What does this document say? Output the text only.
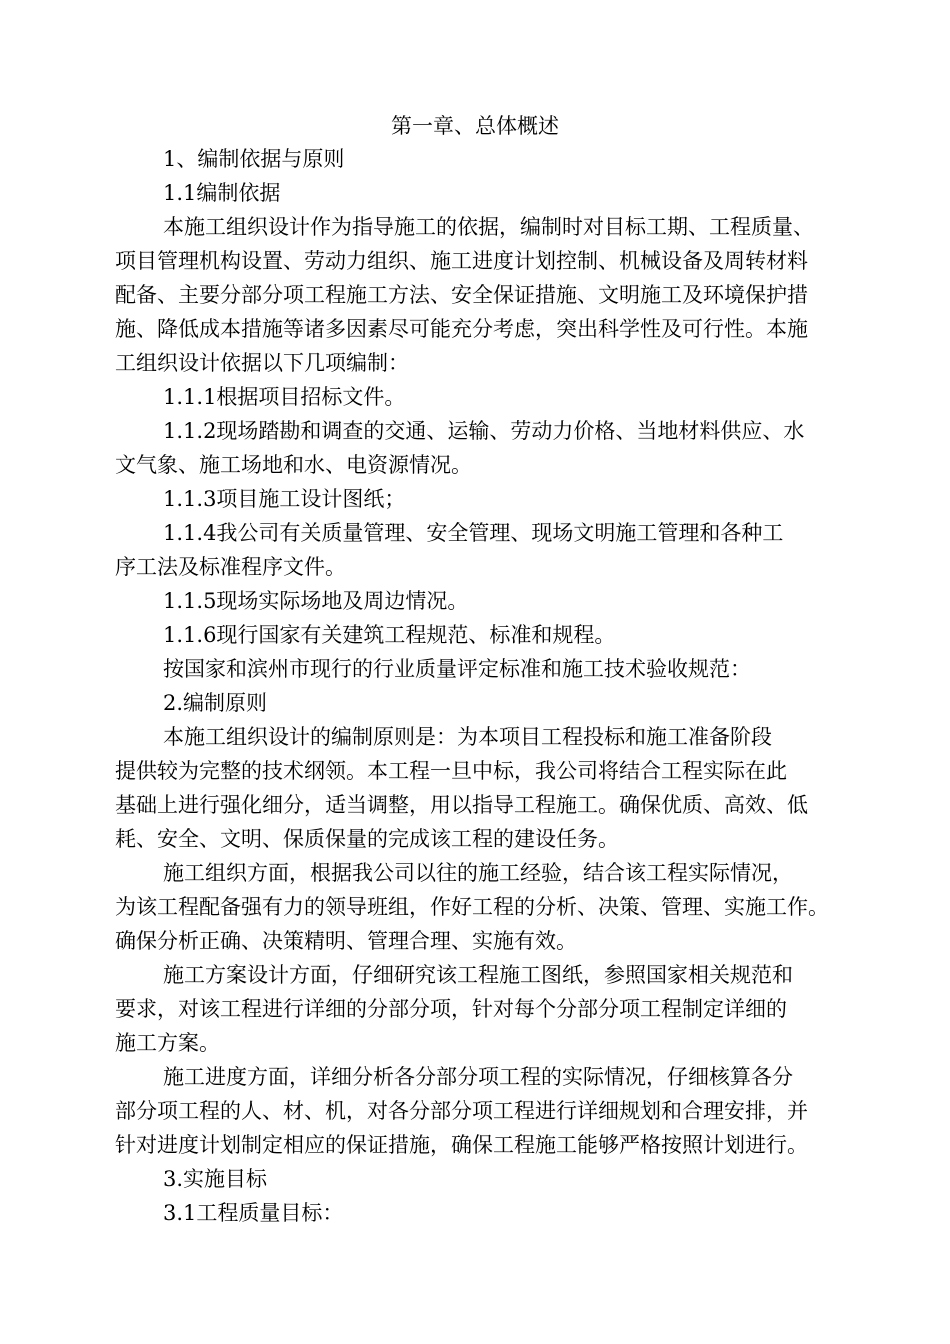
第一章、总体概述
1、编制依据与原则
1.1编制依据
本施工组织设计作为指导施工的依据，编制时对目标工期、工程质量、
项目管理机构设置、劳动力组织、施工进度计划控制、机械设备及周转材料
配备、主要分部分项工程施工方法、安全保证措施、文明施工及环境保护措
施、降低成本措施等诸多因素尽可能充分考虑，突出科学性及可行性。本施
工组织设计依据以下几项编制：
1.1.1根据项目招标文件。
1.1.2现场踏勘和调查的交通、运输、劳动力价格、当地材料供应、水
文气象、施工场地和水、电资源情况。
1.1.3项目施工设计图纸；
1.1.4我公司有关质量管理、安全管理、现场文明施工管理和各种工
序工法及标准程序文件。
1.1.5现场实际场地及周边情况。
1.1.6现行国家有关建筑工程规范、标准和规程。
按国家和滨州市现行的行业质量评定标准和施工技术验收规范：
2.编制原则
本施工组织设计的编制原则是：为本项目工程投标和施工准备阶段
提供较为完整的技术纲领。本工程一旦中标，我公司将结合工程实际在此
基础上进行强化细分，适当调整，用以指导工程施工。确保优质、高效、低
耗、安全、文明、保质保量的完成该工程的建设任务。
施工组织方面，根据我公司以往的施工经验，结合该工程实际情况，
为该工程配备强有力的领导班组，作好工程的分析、决策、管理、实施工作。
确保分析正确、决策精明、管理合理、实施有效。
施工方案设计方面，仔细研究该工程施工图纸，参照国家相关规范和
要求，对该工程进行详细的分部分项，针对每个分部分项工程制定详细的
施工方案。
施工进度方面，详细分析各分部分项工程的实际情况，仔细核算各分
部分项工程的人、材、机，对各分部分项工程进行详细规划和合理安排，并
针对进度计划制定相应的保证措施，确保工程施工能够严格按照计划进行。
3.实施目标
3.1工程质量目标：
